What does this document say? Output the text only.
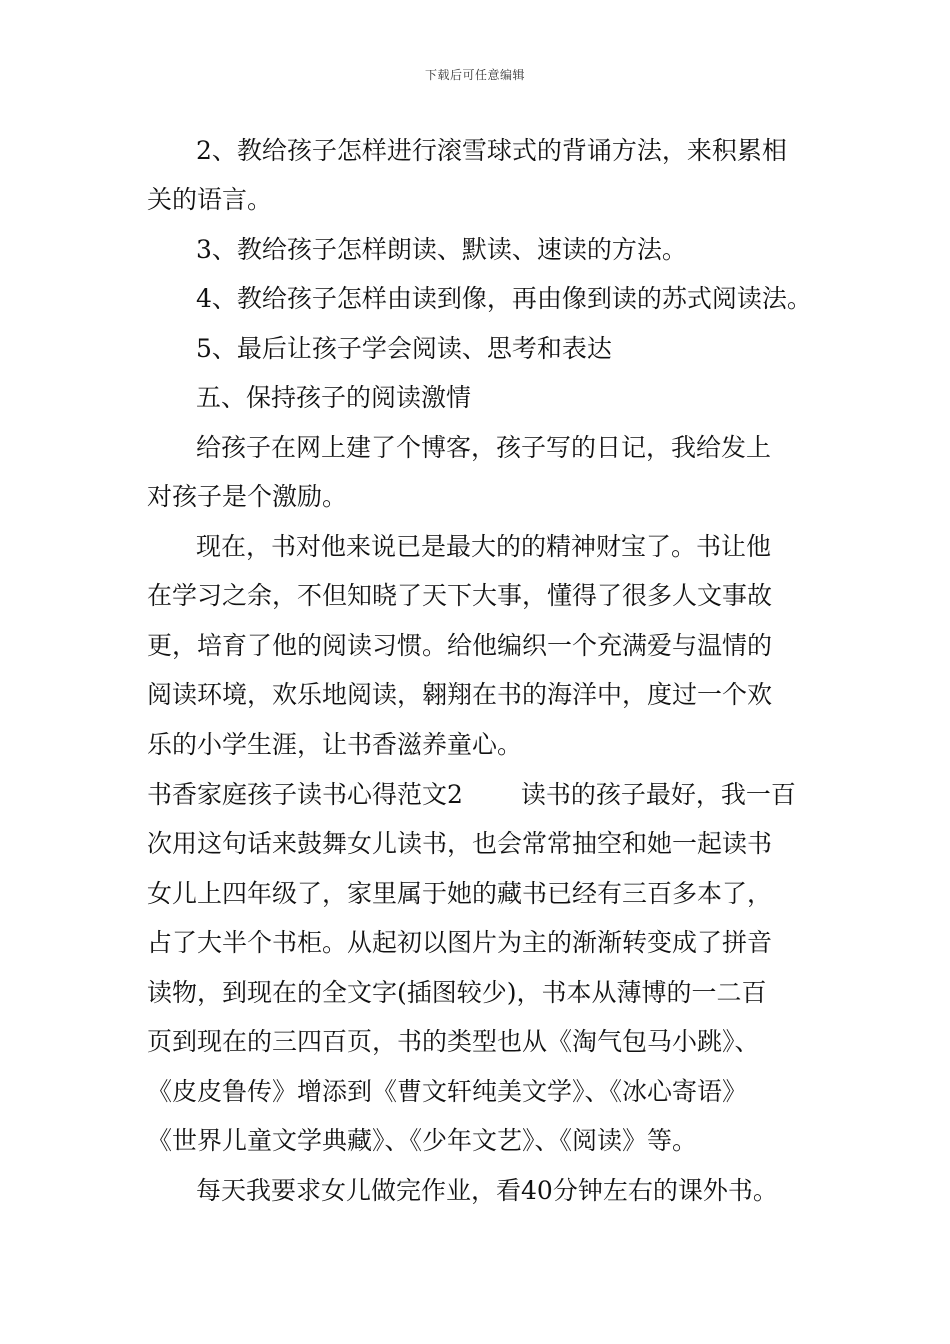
下载后可任意编辑
2、教给孩子怎样进行滚雪球式的背诵方法，来积累相
关的语言。
3、教给孩子怎样朗读、默读、速读的方法。
4、教给孩子怎样由读到像，再由像到读的苏式阅读法。
5、最后让孩子学会阅读、思考和表达
五、保持孩子的阅读激情
给孩子在网上建了个博客，孩子写的日记，我给发上
对孩子是个激励。
现在，书对他来说已是最大的的精神财宝了。书让他
在学习之余，不但知晓了天下大事，懂得了很多人文事故
更，培育了他的阅读习惯。给他编织一个充满爱与温情的
阅读环境，欢乐地阅读，翱翔在书的海洋中，度过一个欢
乐的小学生涯，让书香滋养童心。
书香家庭孩子读书心得范文2　　 读书的孩子最好，我一百
次用这句话来鼓舞女儿读书，也会常常抽空和她一起读书
女儿上四年级了，家里属于她的藏书已经有三百多本了，
占了大半个书柜。从起初以图片为主的渐渐转变成了拼音
读物，到现在的全文字(插图较少)，书本从薄博的一二百
页到现在的三四百页，书的类型也从《淘气包马小跳》、
《皮皮鲁传》增添到《曹文轩纯美文学》、《冰心寄语》
《世界儿童文学典藏》、《少年文艺》、《阅读》等。
每天我要求女儿做完作业，看40分钟左右的课外书。
